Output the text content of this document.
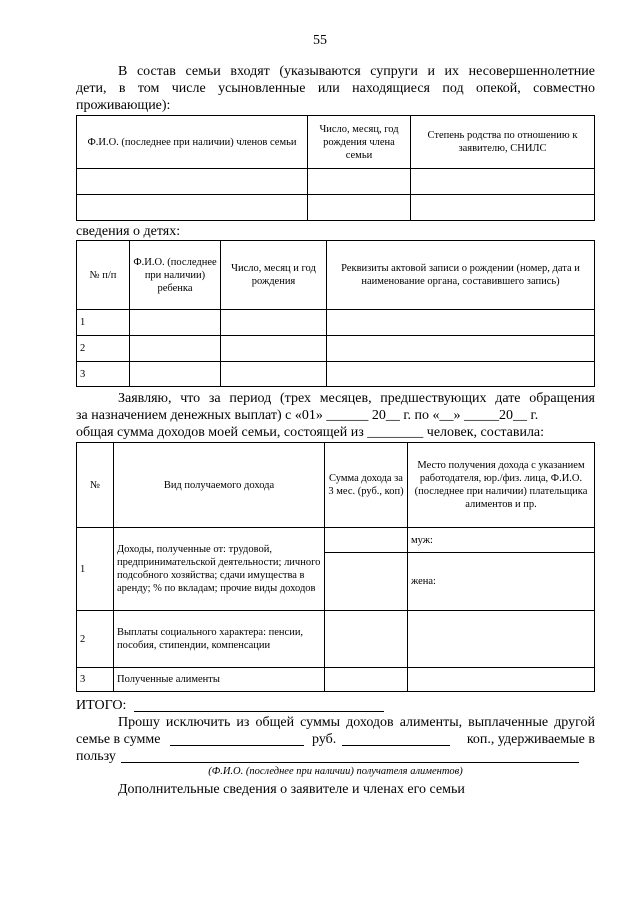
55
В состав семьи входят (указываются супруги и их несовершеннолетние
дети, в том числе усыновленные или находящиеся под опекой, совместно
проживающие):
Ф.И.О. (последнее при наличии) членов семьи	Число, месяц, год рождения члена семьи	Степень родства по отношению к заявителю, СНИЛС

сведения о детях:
№ п/п	Ф.И.О. (последнее при наличии) ребенка	Число, месяц и год рождения	Реквизиты актовой записи о рождении (номер, дата и наименование органа, составившего запись)
1			
2			
3			
Заявляю, что за период (трех месяцев, предшествующих дате обращения
за назначением денежных выплат) с «01» ______ 20__ г. по «__» _____20__ г.
общая сумма доходов моей семьи, состоящей из ________ человек, составила:
№	Вид получаемого дохода	Сумма дохода за 3 мес. (руб., коп)	Место получения дохода с указанием работодателя, юр./физ. лица, Ф.И.О. (последнее при наличии) плательщика алиментов и пр.
1	Доходы, полученные от: трудовой, предпринимательской деятельности; личного подсобного хозяйства; сдачи имущества в аренду; % по вкладам; прочие виды доходов		муж:
			жена:
2	Выплаты социального характера: пенсии, пособия, стипендии, компенсации		
3	Полученные алименты		
ИТОГО:
Прошу исключить из общей суммы доходов алименты, выплаченные другой
семье в сумме	руб.	коп., удерживаемые в
пользу
(Ф.И.О. (последнее при наличии) получателя алиментов)
Дополнительные сведения о заявителе и членах его семьи
